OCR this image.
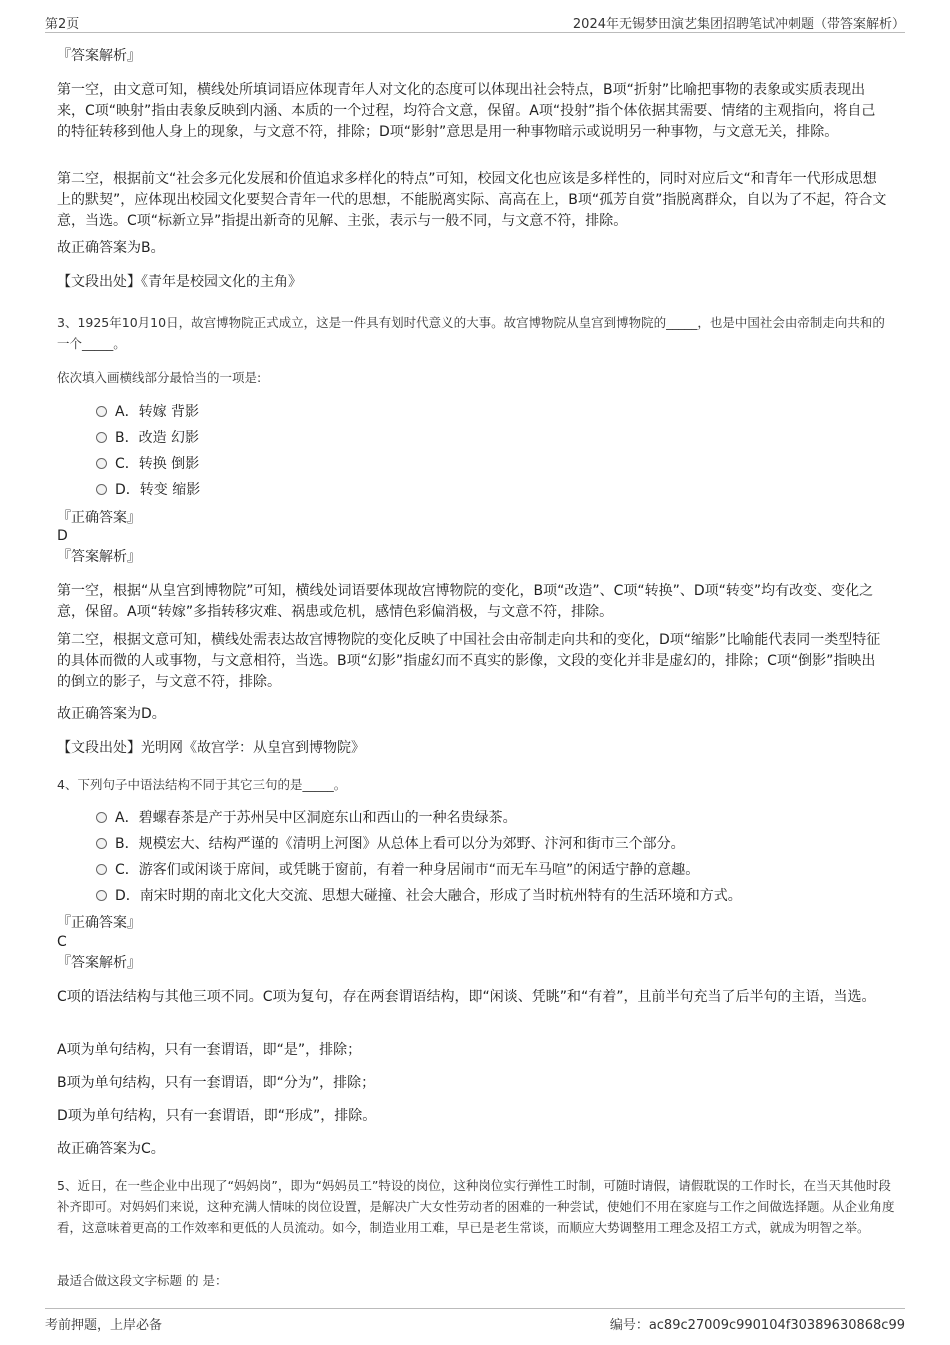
第2页	2024年无锡梦田演艺集团招聘笔试冲刺题（带答案解析）
『答案解析』
第一空，由文意可知，横线处所填词语应体现青年人对文化的态度可以体现出社会特点，B项“折射”比喻把事物的表象或实质表现出来，C项“映射”指由表象反映到内涵、本质的一个过程，均符合文意，保留。A项“投射”指个体依据其需要、情绪的主观指向，将自己的特征转移到他人身上的现象，与文意不符，排除；D项“影射”意思是用一种事物暗示或说明另一种事物，与文意无关，排除。
第二空，根据前文“社会多元化发展和价值追求多样化的特点”可知，校园文化也应该是多样性的，同时对应后文“和青年一代形成思想上的默契”，应体现出校园文化要契合青年一代的思想，不能脱离实际、高高在上，B项“孤芳自赏”指脱离群众，自以为了不起，符合文意，当选。C项“标新立异”指提出新奇的见解、主张，表示与一般不同，与文意不符，排除。
故正确答案为B。
【文段出处】《青年是校园文化的主角》
3、1925年10月10日，故宫博物院正式成立，这是一件具有划时代意义的大事。故宫博物院从皇宫到博物院的_____，也是中国社会由帝制走向共和的一个_____。
依次填入画横线部分最恰当的一项是:
A．转嫁 背影
B．改造 幻影
C．转换 倒影
D．转变 缩影
『正确答案』
D
『答案解析』
第一空，根据“从皇宫到博物院”可知，横线处词语要体现故宫博物院的变化，B项“改造”、C项“转换”、D项“转变”均有改变、变化之意，保留。A项“转嫁”多指转移灾难、祸患或危机，感情色彩偏消极，与文意不符，排除。
第二空，根据文意可知，横线处需表达故宫博物院的变化反映了中国社会由帝制走向共和的变化，D项“缩影”比喻能代表同一类型特征的具体而微的人或事物，与文意相符，当选。B项“幻影”指虚幻而不真实的影像，文段的变化并非是虚幻的，排除；C项“倒影”指映出的倒立的影子，与文意不符，排除。
故正确答案为D。
【文段出处】光明网《故宫学：从皇宫到博物院》
4、下列句子中语法结构不同于其它三句的是_____。
A．碧螺春茶是产于苏州吴中区洞庭东山和西山的一种名贵绿茶。
B．规模宏大、结构严谨的《清明上河图》从总体上看可以分为郊野、汴河和街市三个部分。
C．游客们或闲谈于席间，或凭眺于窗前，有着一种身居闹市“而无车马喧”的闲适宁静的意趣。
D．南宋时期的南北文化大交流、思想大碰撞、社会大融合，形成了当时杭州特有的生活环境和方式。
『正确答案』
C
『答案解析』
C项的语法结构与其他三项不同。C项为复句，存在两套谓语结构，即“闲谈、凭眺”和“有着”，且前半句充当了后半句的主语，当选。
A项为单句结构，只有一套谓语，即“是”，排除；
B项为单句结构，只有一套谓语，即“分为”，排除；
D项为单句结构，只有一套谓语，即“形成”，排除。
故正确答案为C。
5、近日，在一些企业中出现了“妈妈岗”，即为“妈妈员工”特设的岗位，这种岗位实行弹性工时制，可随时请假，请假耽误的工作时长，在当天其他时段补齐即可。对妈妈们来说，这种充满人情味的岗位设置，是解决广大女性劳动者的困难的一种尝试，使她们不用在家庭与工作之间做选择题。从企业角度看，这意味着更高的工作效率和更低的人员流动。如今，制造业用工难，早已是老生常谈，而顺应大势调整用工理念及招工方式，就成为明智之举。
最适合做这段文字标题 的 是：
考前押题，上岸必备	编号：ac89c27009c990104f30389630868c99
